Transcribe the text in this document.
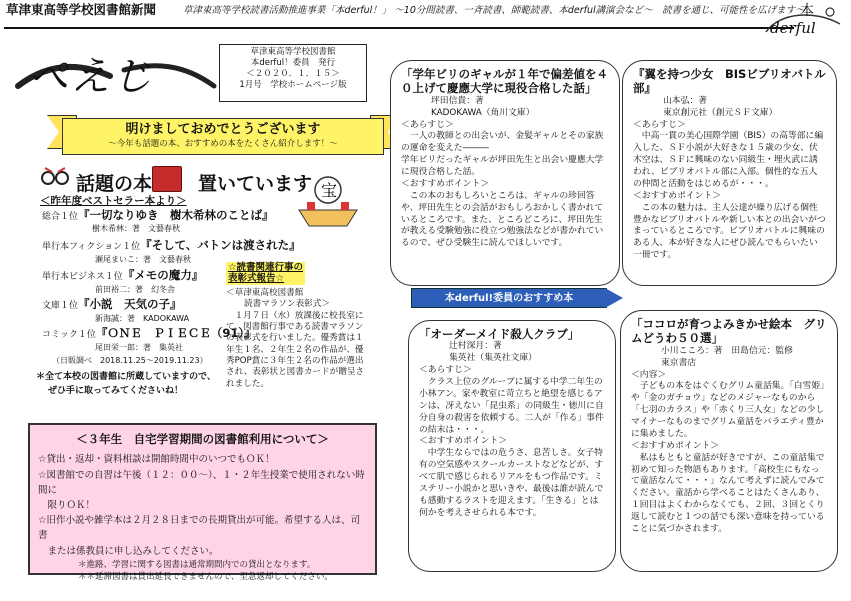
草津東高等学校図書館新聞	草津東高等学校読書活動推進事業「本derful！」 ～10分間読書、一斉読書、師範読書、本derful講演会など～　読書を通じ、可能性を広げます～
本
derful
ぺえじ
草津東高等学校図書館
本derful！委員　発行
＜２０２０．１．１５＞
1月号　学校ホームページ版
明けましておめでとうございます
～今年も話題の本、おすすめの本をたくさん紹介します！～
話題の本 置いています 宝
＜昨年度ベストセラー本より＞
総合１位『一切なりゆき　樹木希林のことば』
樹木希林：著　文藝春秋
単行本フィクション１位『そして、バトンは渡された』
瀬尾まいこ：著　文藝春秋
単行本ビジネス１位『メモの魔力』
前田裕二：著　幻冬舎
文庫１位『小説　天気の子』
新海誠：著　KADOKAWA
コミック１位『ＯＮＥ　ＰＩＥＣＥ（91）』
尾田栄一郎：著　集英社
（日販調べ　2018.11.25～2019.11.23）
＊全て本校の図書館に所蔵していますので、
ぜひ手に取ってみてくださいね！
☆読書関連行事の
表彰式報告☆
＜草津東高校図書館
読書マラソン表彰式＞
１月７日（水）放課後に校長室にて、図書館行事である読書マラソンの表彰式を行いました。優秀賞は１年生１名、２年生２名の作品が、優秀POP賞に３年生２名の作品が選出され、表彰状と図書カードが贈呈されました。
＜３年生　自宅学習期間の図書館利用について＞
☆貸出・返却・資料相談は開館時間中のいつでもＯＫ！
☆図書館での自習は午後（１２：００～）、１・２年生授業で使用されない時間に
　限りＯＫ！
☆旧作小説や雑学本は２月２８日までの長期貸出が可能。希望する人は、司書
　または係教員に申し込みしてください。
＊進路、学習に関する図書は通常期間内での貸出となります。
＊＊延滞図書は貸出延長できませんので、至急返却してください。
「学年ビリのギャルが１年で偏差値を４０上げて慶應大学に現役合格した話」
坪田信貴：著
KADOKAWA（角川文庫）
＜あらすじ＞
一人の教師との出会いが、金髪ギャルとその家族の運命を変えた―――
学年ビリだったギャルが坪田先生と出会い慶應大学に現役合格した話。
＜おすすめポイント＞
この本のおもしろいところは、ギャルの珍回答や、坪田先生との会話がおもしろおかしく書かれているところです。また、ところどころに、坪田先生が教える受験勉強に役立つ勉強法などが書かれているので、ぜひ受験生に読んでほしいです。
『翼を持つ少女　BISビブリオバトル部』
山本弘：著
東京創元社（創元ＳＦ文庫）
＜あらすじ＞
中高一貫の美心国際学園（BIS）の高等部に編入した、ＳＦ小説が大好きな１５歳の少女、伏木空は、ＳＦに興味のない同級生・埋火武に誘われ、ビブリオバトル部に入部。個性的な五人の仲間と活動をはじめるが・・・。
＜おすすめポイント＞
この本の魅力は、主人公達が繰り広げる個性豊かなビブリオバトルや新しい本との出会いがつまっているところです。ビブリオバトルに興味のある人、本が好きな人にぜひ読んでもらいたい一冊です。
本derful!委員のおすすめ本
「オーダーメイド殺人クラブ」
辻村深月：著
集英社（集英社文庫）
＜あらすじ＞
クラス上位のグループに属する中学二年生の小林アン。家や教室に苛立ちと絶望を感じるアンは、冴えない「昆虫系」の同級生・徳川に自分自身の殺害を依頼する。二人が「作る」事件の結末は・・・。
＜おすすめポイント＞
中学生ならではの危うさ、息苦しさ。女子特有の空気感やスクールカーストなどなどが、すべて肌で感じられるリアルをもつ作品です。ミステリー小説かと思いきや、最後は誰が読んでも感動するラストを迎えます。「生きる」とは何かを考えさせられる本です。
「ココロが育つよみきかせ絵本　グリムどうわ５０選」
小川こころ：著　田島信元：監修
東京書店
＜内容＞
子どもの本をはぐくむグリム童話集。「白雪姫」や「金のガチョウ」などのメジャーなものから「七羽のカラス」や「赤くり三人女」などの少しマイナーなものまでグリム童話をバラエティ豊かに集めました。
＜おすすめポイント＞
私はもともと童話が好きですが、この童話集で初めて知った物語もあります。「高校生にもなって童話なんて・・・」なんて考えずに読んでみてください。童話から学べることはたくさんあり、１回目はよくわからなくても、２回、３回とくり返して読むと１つの話でも深い意味を持っていることに気づかされます。
